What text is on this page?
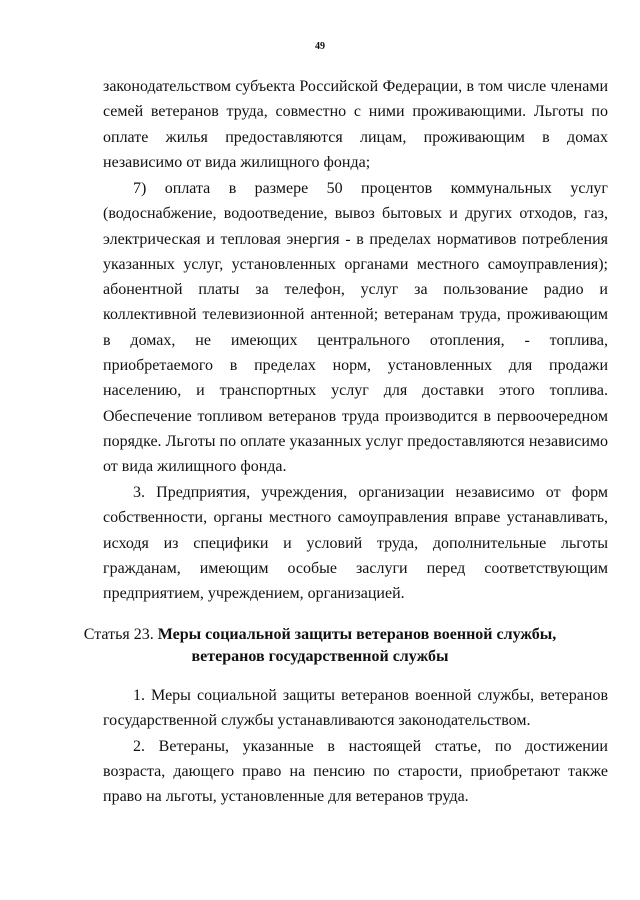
49
законодательством субъекта Российской Федерации, в том числе членами
семей ветеранов труда, совместно с ними проживающими. Льготы по
оплате жилья предоставляются лицам, проживающим в домах
независимо от вида жилищного фонда;
7) оплата в размере 50 процентов коммунальных услуг
(водоснабжение, водоотведение, вывоз бытовых и других отходов, газ,
электрическая и тепловая энергия - в пределах нормативов потребления
указанных услуг, установленных органами местного самоуправления);
абонентной платы за телефон, услуг за пользование радио и
коллективной телевизионной антенной; ветеранам труда, проживающим
в домах, не имеющих центрального отопления, - топлива,
приобретаемого в пределах норм, установленных для продажи
населению, и транспортных услуг для доставки этого топлива.
Обеспечение топливом ветеранов труда производится в первоочередном
порядке. Льготы по оплате указанных услуг предоставляются независимо
от вида жилищного фонда.
3. Предприятия, учреждения, организации независимо от форм
собственности, органы местного самоуправления вправе устанавливать,
исходя из специфики и условий труда, дополнительные льготы
гражданам, имеющим особые заслуги перед соответствующим
предприятием, учреждением, организацией.
Статья 23. Меры социальной защиты ветеранов военной службы,
ветеранов государственной службы
1. Меры социальной защиты ветеранов военной службы, ветеранов
государственной службы устанавливаются законодательством.
2. Ветераны, указанные в настоящей статье, по достижении
возраста, дающего право на пенсию по старости, приобретают также
право на льготы, установленные для ветеранов труда.
